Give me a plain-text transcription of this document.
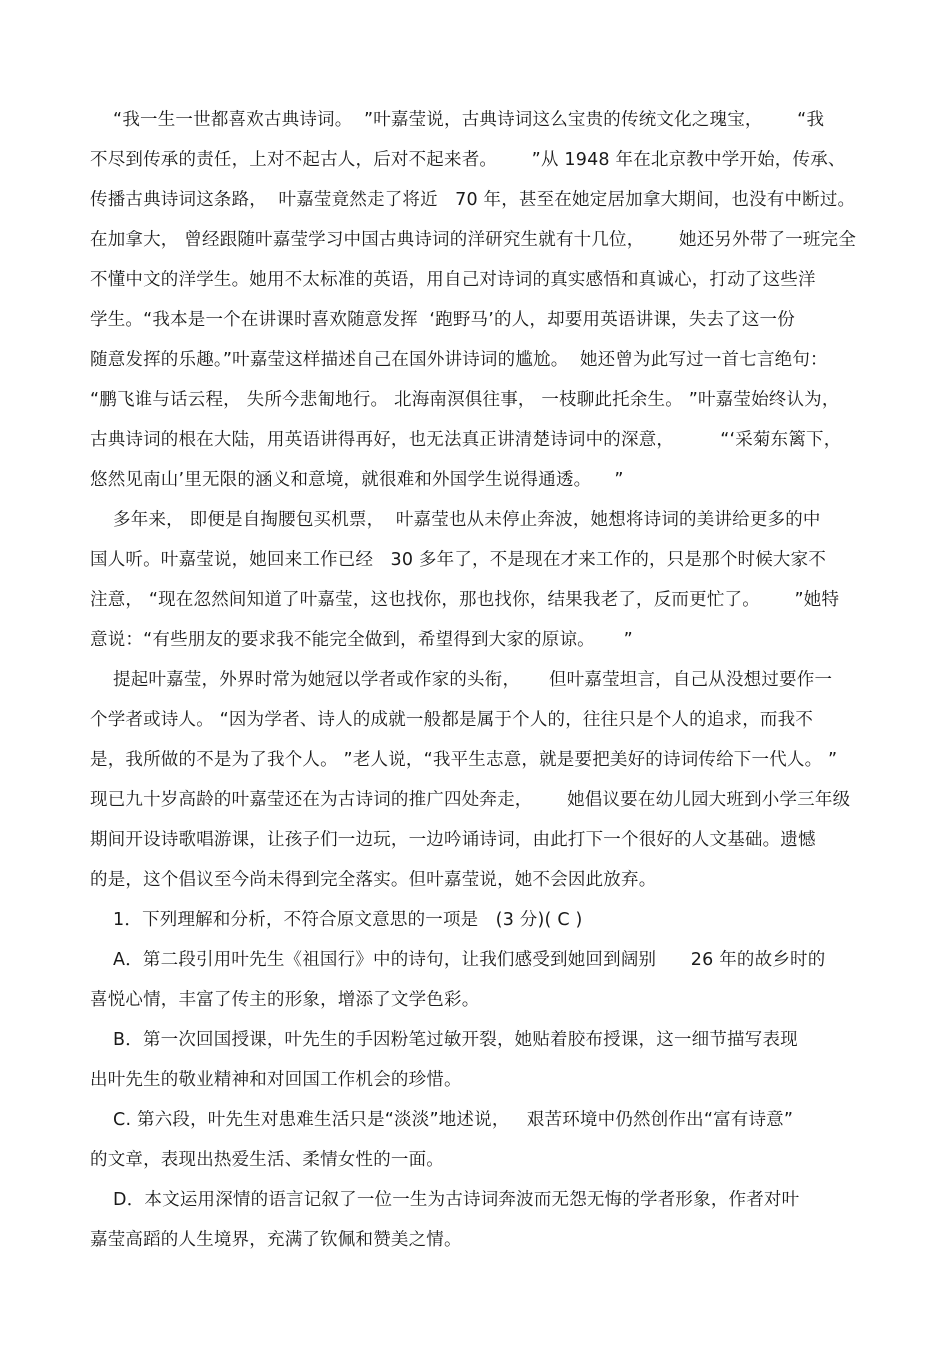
“我一生一世都喜欢古典诗词。  ”叶嘉莹说，古典诗词这么宝贵的传统文化之瑰宝，      “我
不尽到传承的责任，上对不起古人，后对不起来者。      ”从 1948 年在北京教中学开始，传承、
传播古典诗词这条路，  叶嘉莹竟然走了将近   70 年，甚至在她定居加拿大期间，也没有中断过。
在加拿大， 曾经跟随叶嘉莹学习中国古典诗词的洋研究生就有十几位，      她还另外带了一班完全
不懂中文的洋学生。她用不太标准的英语，用自己对诗词的真实感悟和真诚心，打动了这些洋
学生。“我本是一个在讲课时喜欢随意发挥  ‘跑野马’的人，却要用英语讲课，失去了这一份
随意发挥的乐趣。”叶嘉莹这样描述自己在国外讲诗词的尴尬。  她还曾为此写过一首七言绝句：
“鹏飞谁与话云程， 失所今悲匍地行。 北海南溟俱往事， 一枝聊此托余生。 ”叶嘉莹始终认为，
古典诗词的根在大陆，用英语讲得再好，也无法真正讲清楚诗词中的深意，        “‘采菊东篱下，
悠然见南山’里无限的涵义和意境，就很难和外国学生说得通透。    ”
多年来， 即便是自掏腰包买机票，  叶嘉莹也从未停止奔波，她想将诗词的美讲给更多的中
国人听。叶嘉莹说，她回来工作已经   30 多年了，不是现在才来工作的，只是那个时候大家不
注意， “现在忽然间知道了叶嘉莹，这也找你，那也找你，结果我老了，反而更忙了。      ”她特
意说：“有些朋友的要求我不能完全做到，希望得到大家的原谅。     ”
提起叶嘉莹，外界时常为她冠以学者或作家的头衔，     但叶嘉莹坦言，自己从没想过要作一
个学者或诗人。 “因为学者、诗人的成就一般都是属于个人的，往往只是个人的追求，而我不
是，我所做的不是为了我个人。 ”老人说，“我平生志意，就是要把美好的诗词传给下一代人。 ”
现已九十岁高龄的叶嘉莹还在为古诗词的推广四处奔走，      她倡议要在幼儿园大班到小学三年级
期间开设诗歌唱游课，让孩子们一边玩，一边吟诵诗词，由此打下一个很好的人文基础。遗憾
的是，这个倡议至今尚未得到完全落实。但叶嘉莹说，她不会因此放弃。
1．下列理解和分析，不符合原文意思的一项是   (3 分)( C )
A．第二段引用叶先生《祖国行》中的诗句，让我们感受到她回到阔别      26 年的故乡时的
喜悦心情，丰富了传主的形象，增添了文学色彩。
B．第一次回国授课，叶先生的手因粉笔过敏开裂，她贴着胶布授课，这一细节描写表现
出叶先生的敬业精神和对回国工作机会的珍惜。
C. 第六段，叶先生对患难生活只是“淡淡”地述说，   艰苦环境中仍然创作出“富有诗意”
的文章，表现出热爱生活、柔情女性的一面。
D．本文运用深情的语言记叙了一位一生为古诗词奔波而无怨无悔的学者形象，作者对叶
嘉莹高蹈的人生境界，充满了钦佩和赞美之情。
